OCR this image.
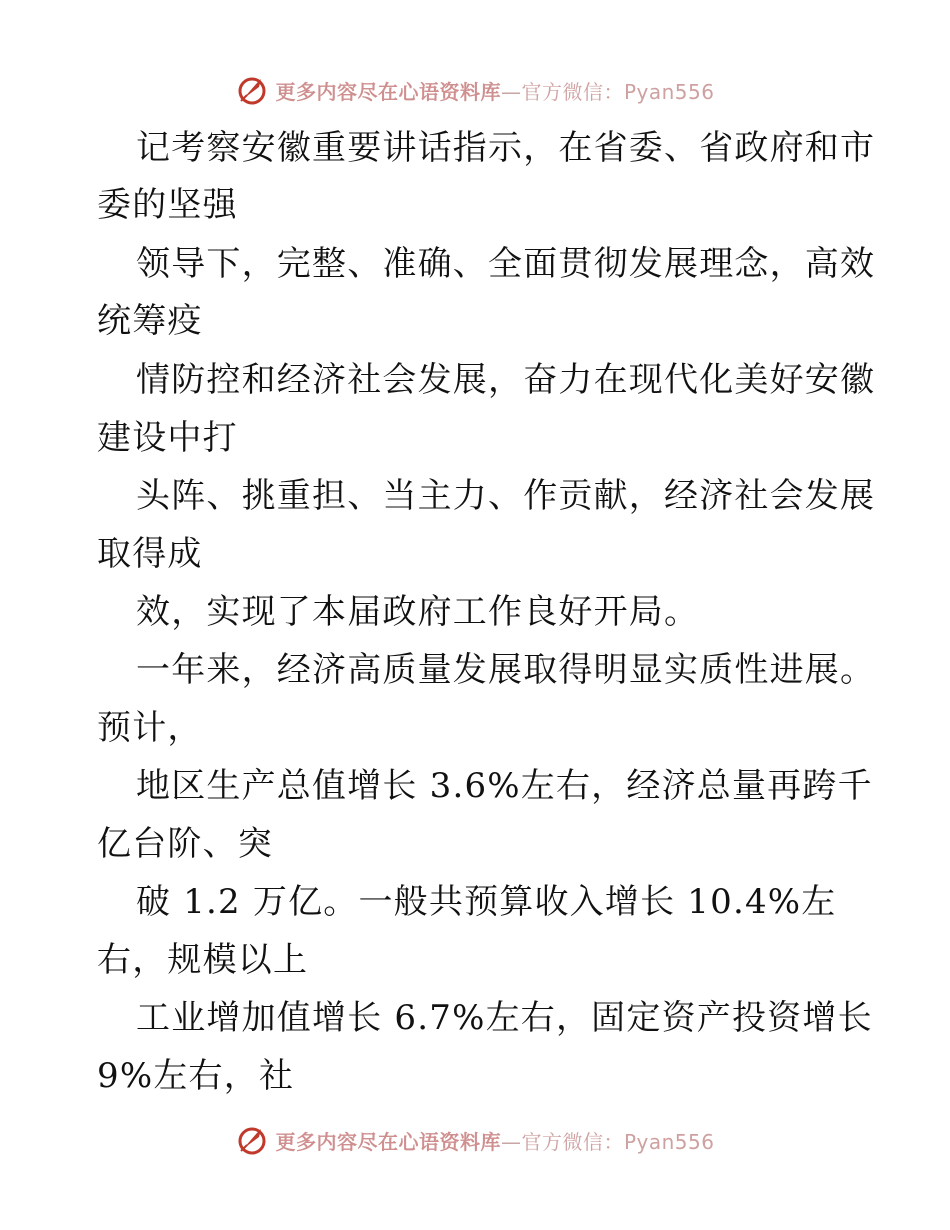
更多内容尽在心语资料库—官方微信：Pyan556
记考察安徽重要讲话指示，在省委、省政府和市
委的坚强
领导下，完整、准确、全面贯彻发展理念，高效
统筹疫
情防控和经济社会发展，奋力在现代化美好安徽
建设中打
头阵、挑重担、当主力、作贡献，经济社会发展
取得成
效，实现了本届政府工作良好开局。
一年来，经济高质量发展取得明显实质性进展。
预计，
地区生产总值增长 3.6%左右，经济总量再跨千
亿台阶、突
破 1.2 万亿。一般共预算收入增长 10.4%左
右，规模以上
工业增加值增长 6.7%左右，固定资产投资增长
9%左右，社
更多内容尽在心语资料库—官方微信：Pyan556
